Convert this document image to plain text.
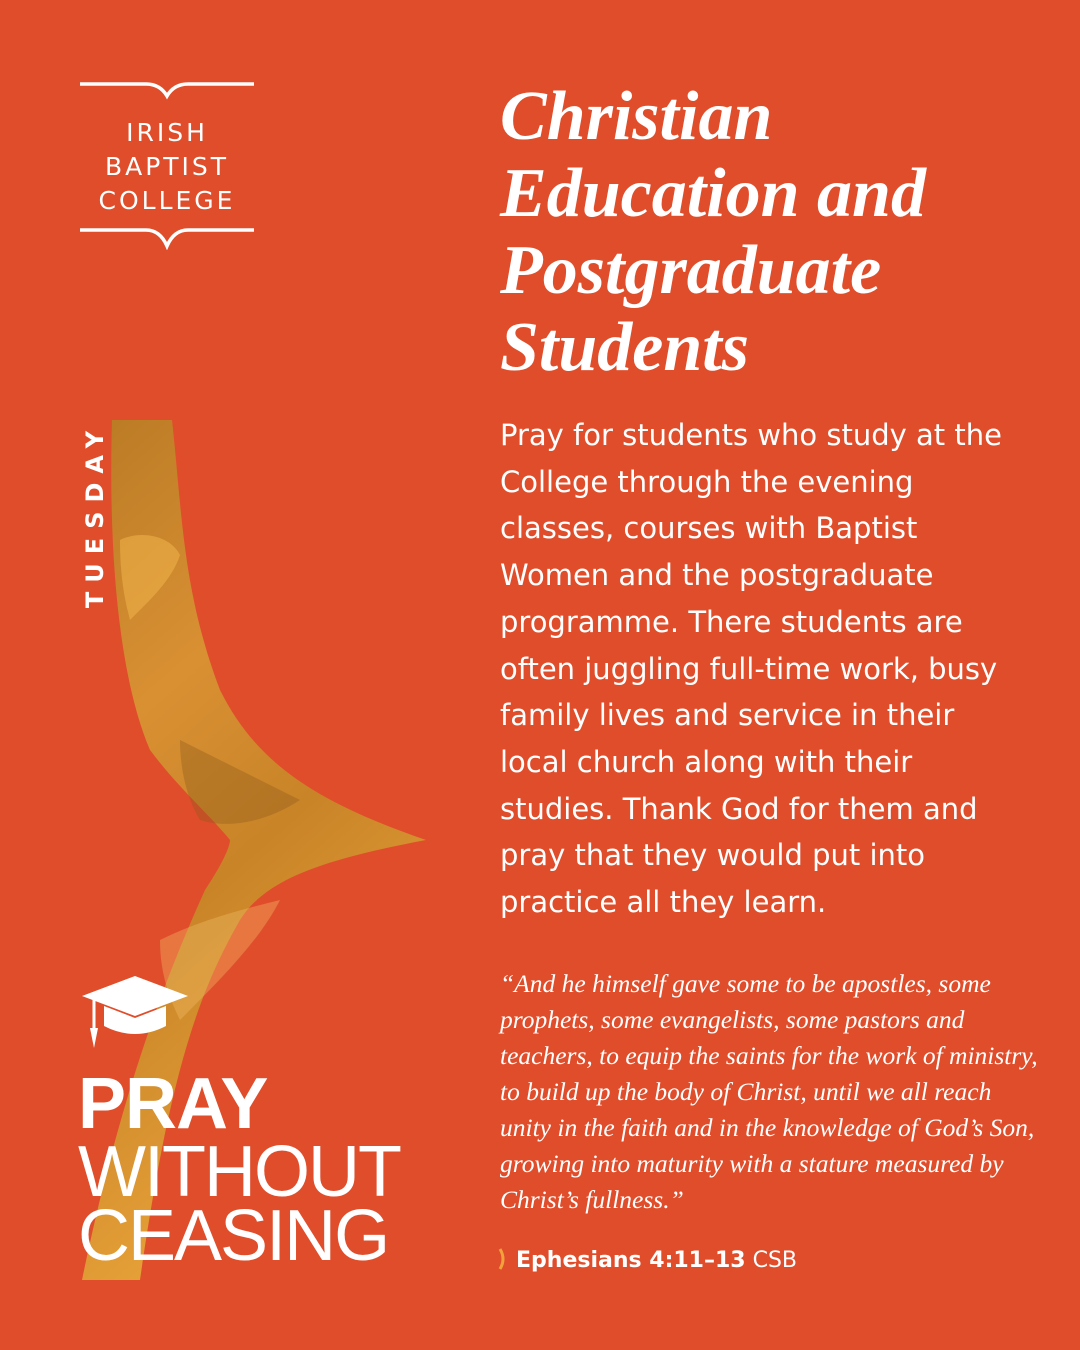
IRISH
BAPTIST
COLLEGE
TUESDAY
PRAY
WITHOUT
CEASING
Christian Education and Postgraduate Students

Pray for students who study at the College through the evening classes, courses with Baptist Women and the postgraduate programme. There students are often juggling full-time work, busy family lives and service in their local church along with their studies. Thank God for them and pray that they would put into practice all they learn.

“And he himself gave some to be apostles, some prophets, some evangelists, some pastors and teachers, to equip the saints for the work of ministry, to build up the body of Christ, until we all reach unity in the faith and in the knowledge of God’s Son, growing into maturity with a stature measured by Christ’s fullness.”

Ephesians 4:11–13 CSB
